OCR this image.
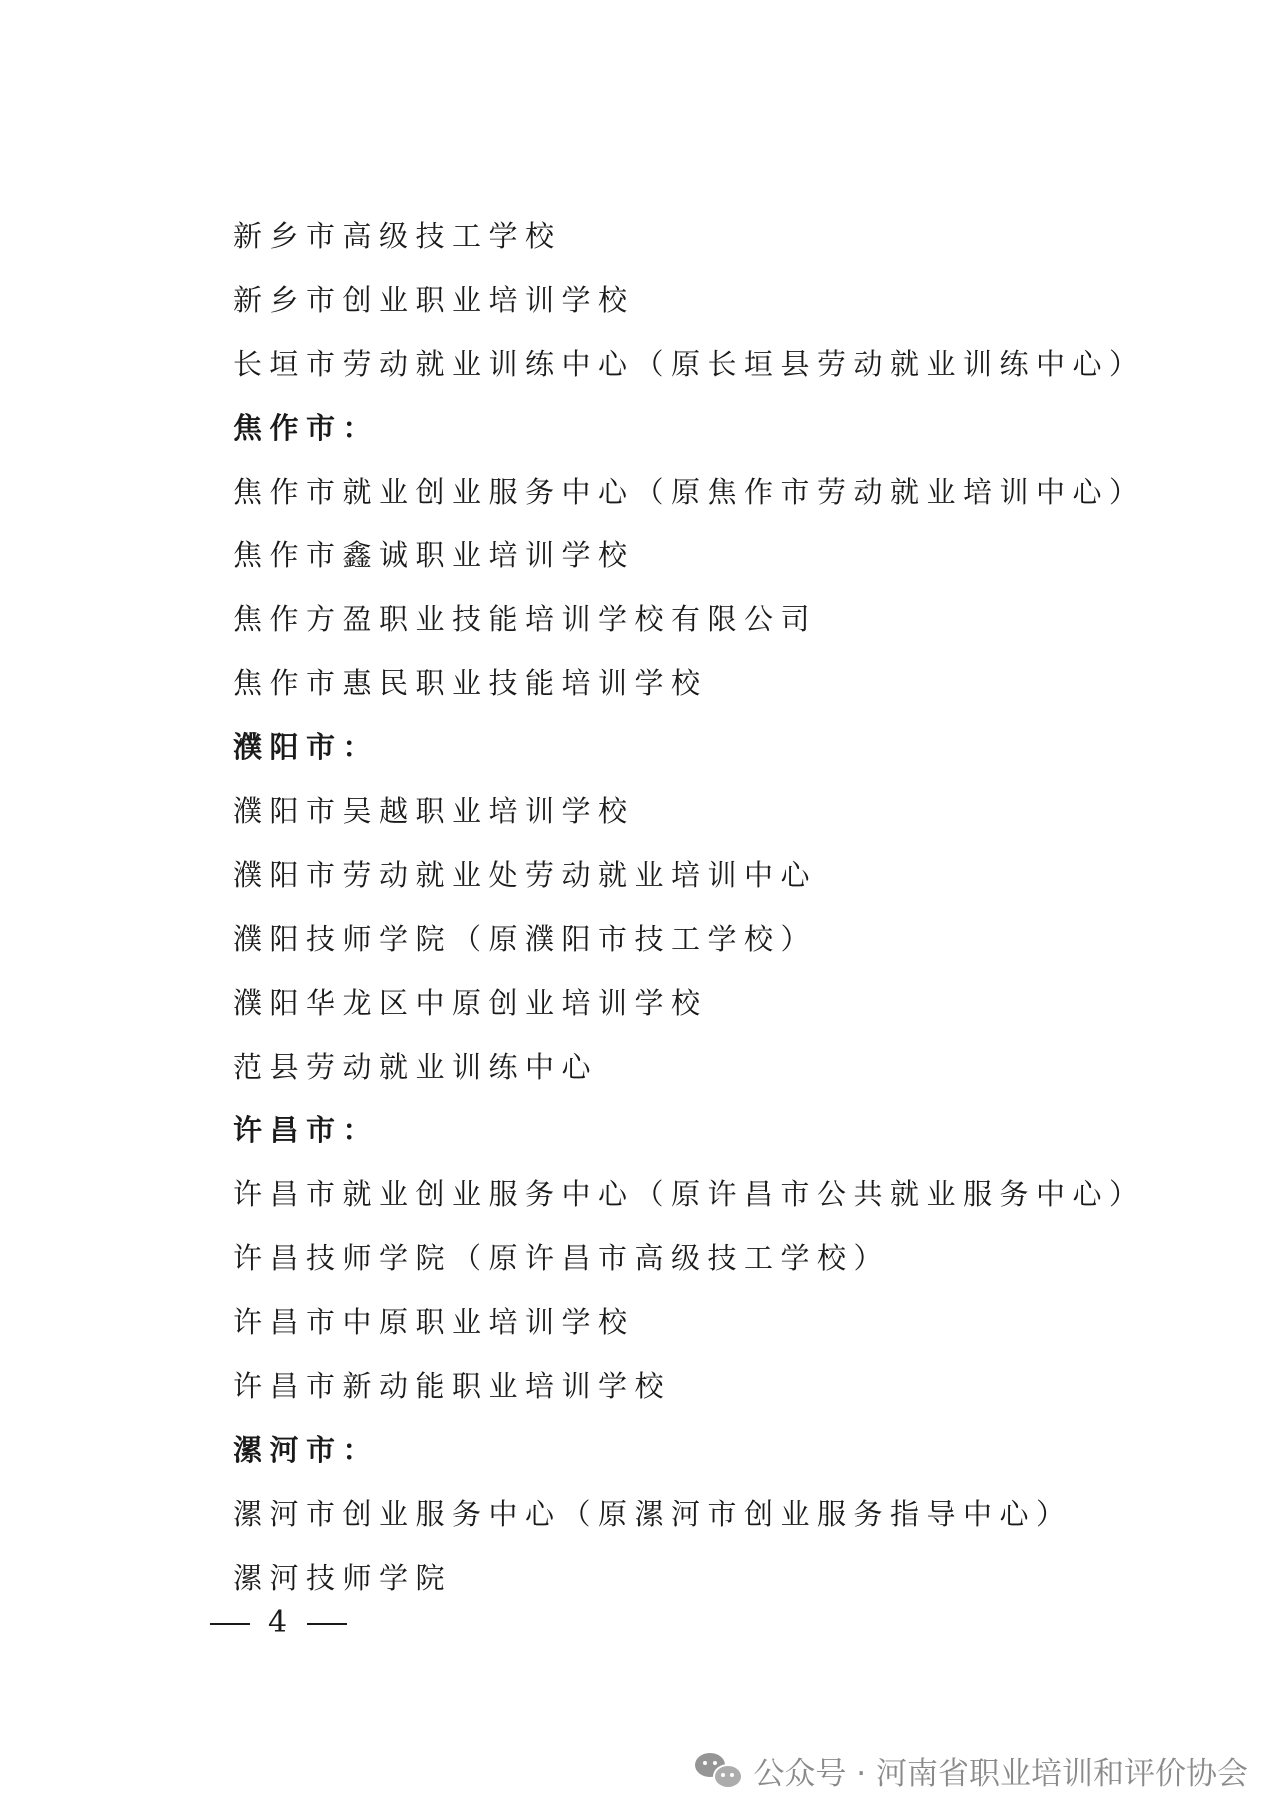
新乡市高级技工学校
新乡市创业职业培训学校
长垣市劳动就业训练中心（原长垣县劳动就业训练中心）
焦作市：
焦作市就业创业服务中心（原焦作市劳动就业培训中心）
焦作市鑫诚职业培训学校
焦作方盈职业技能培训学校有限公司
焦作市惠民职业技能培训学校
濮阳市：
濮阳市吴越职业培训学校
濮阳市劳动就业处劳动就业培训中心
濮阳技师学院（原濮阳市技工学校）
濮阳华龙区中原创业培训学校
范县劳动就业训练中心
许昌市：
许昌市就业创业服务中心（原许昌市公共就业服务中心）
许昌技师学院（原许昌市高级技工学校）
许昌市中原职业培训学校
许昌市新动能职业培训学校
漯河市：
漯河市创业服务中心（原漯河市创业服务指导中心）
漯河技师学院
4
公众号 · 河南省职业培训和评价协会
